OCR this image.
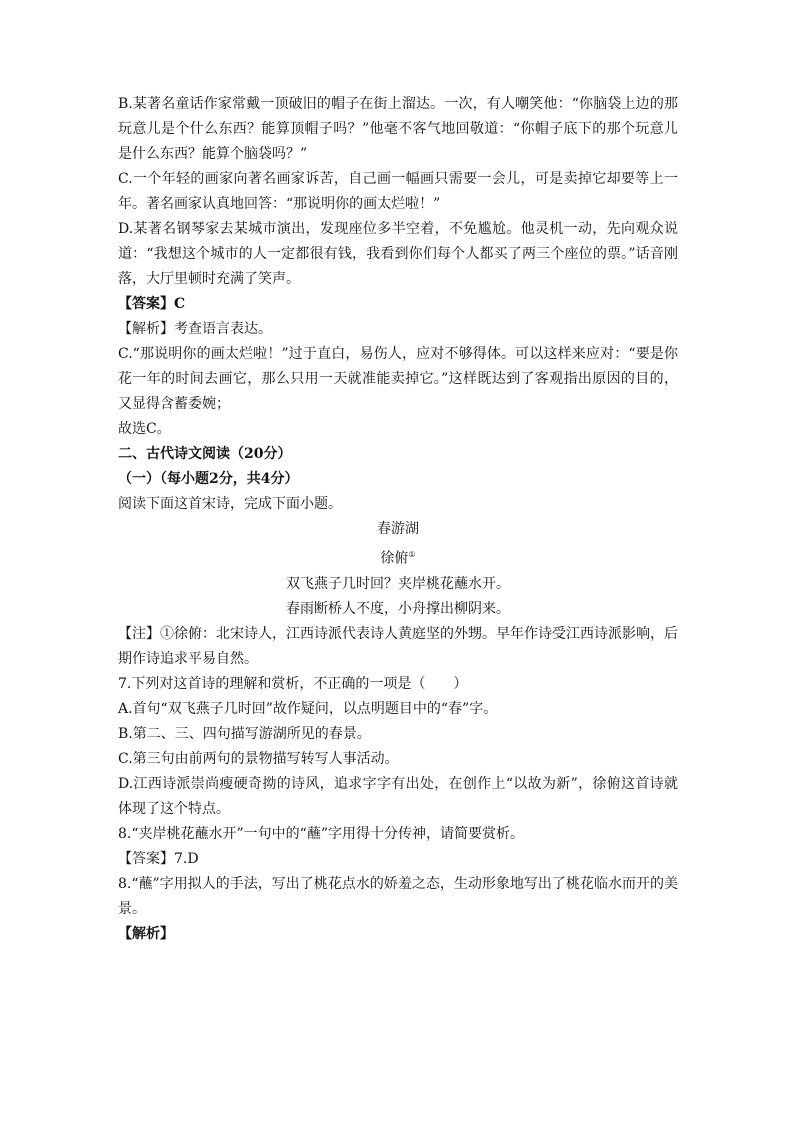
B.某著名童话作家常戴一顶破旧的帽子在街上溜达。一次，有人嘲笑他：“你脑袋上边的那玩意儿是个什么东西？能算顶帽子吗？”他毫不客气地回敬道：“你帽子底下的那个玩意儿是什么东西？能算个脑袋吗？”

C.一个年轻的画家向著名画家诉苦，自己画一幅画只需要一会儿，可是卖掉它却要等上一年。著名画家认真地回答：“那说明你的画太烂啦！”

D.某著名钢琴家去某城市演出，发现座位多半空着，不免尴尬。他灵机一动，先向观众说道：“我想这个城市的人一定都很有钱，我看到你们每个人都买了两三个座位的票。”话音刚落，大厅里顿时充满了笑声。

【答案】C

【解析】考查语言表达。

C.“那说明你的画太烂啦！”过于直白，易伤人，应对不够得体。可以这样来应对：“要是你花一年的时间去画它，那么只用一天就准能卖掉它。”这样既达到了客观指出原因的目的，又显得含蓄委婉；

故选C。

二、古代诗文阅读（20分）

（一）（每小题2分，共4分）

阅读下面这首宋诗，完成下面小题。

春游湖

徐俯①

双飞燕子几时回？夹岸桃花蘸水开。

春雨断桥人不度，小舟撑出柳阴来。

【注】①徐俯：北宋诗人，江西诗派代表诗人黄庭坚的外甥。早年作诗受江西诗派影响，后期作诗追求平易自然。

7.下列对这首诗的理解和赏析，不正确的一项是（　　）

A.首句“双飞燕子几时回”故作疑问，以点明题目中的“春”字。

B.第二、三、四句描写游湖所见的春景。

C.第三句由前两句的景物描写转写人事活动。

D.江西诗派崇尚瘦硬奇拗的诗风，追求字字有出处，在创作上“以故为新”，徐俯这首诗就体现了这个特点。

8.“夹岸桃花蘸水开”一句中的“蘸”字用得十分传神，请简要赏析。

【答案】7.D

8.“蘸”字用拟人的手法，写出了桃花点水的娇羞之态，生动形象地写出了桃花临水而开的美景。

【解析】
